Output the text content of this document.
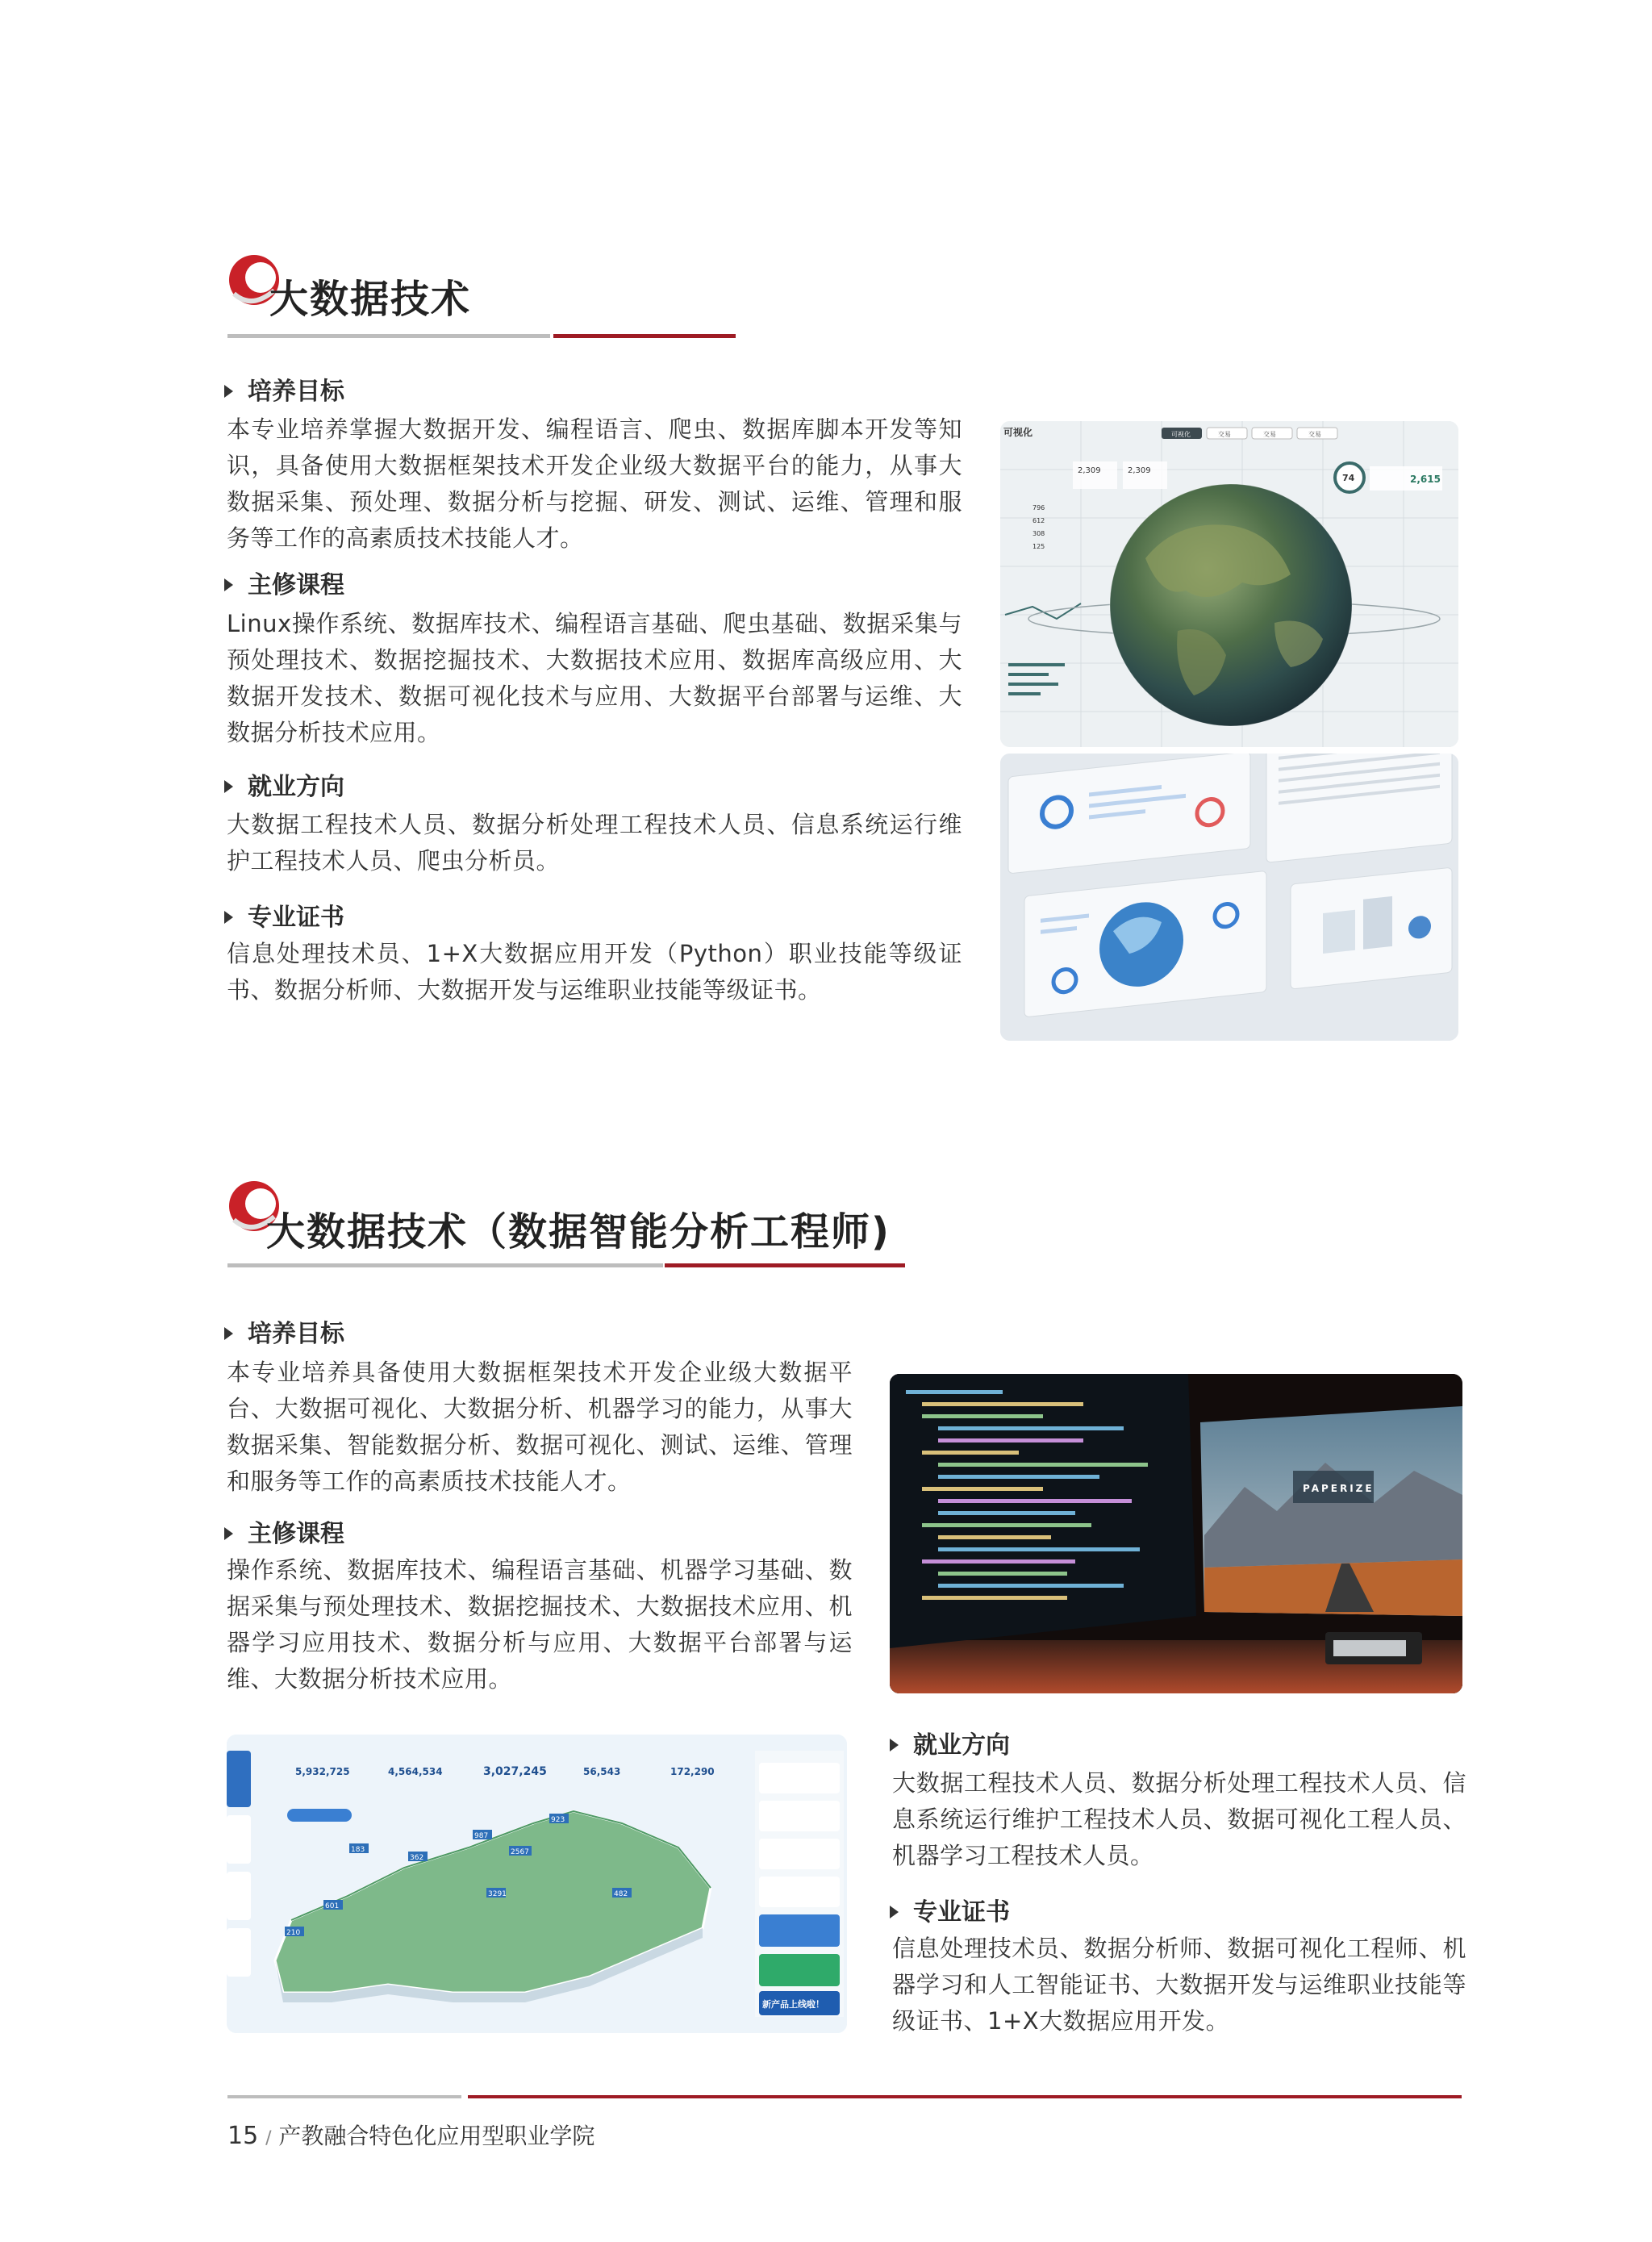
大数据技术
培养目标
本专业培养掌握大数据开发、编程语言、爬虫、数据库脚本开发等知识，具备使用大数据框架技术开发企业级大数据平台的能力，从事大数据采集、预处理、数据分析与挖掘、研发、测试、运维、管理和服务等工作的高素质技术技能人才。
主修课程
Linux操作系统、数据库技术、编程语言基础、爬虫基础、数据采集与预处理技术、数据挖掘技术、大数据技术应用、数据库高级应用、大数据开发技术、数据可视化技术与应用、大数据平台部署与运维、大数据分析技术应用。
就业方向
大数据工程技术人员、数据分析处理工程技术人员、信息系统运行维护工程技术人员、爬虫分析员。
专业证书
信息处理技术员、1+X大数据应用开发（Python）职业技能等级证书、数据分析师、大数据开发与运维职业技能等级证书。
可视化	可视化	交易	交易	交易
2,309	2,309
74	2,615
796
612
308
125
大数据技术（数据智能分析工程师)
培养目标
本专业培养具备使用大数据框架技术开发企业级大数据平台、大数据可视化、大数据分析、机器学习的能力，从事大数据采集、智能数据分析、数据可视化、测试、运维、管理和服务等工作的高素质技术技能人才。
主修课程
操作系统、数据库技术、编程语言基础、机器学习基础、数据采集与预处理技术、数据挖掘技术、大数据技术应用、机器学习应用技术、数据分析与应用、大数据平台部署与运维、大数据分析技术应用。
PAPERIZE
5,932,725	4,564,534	3,027,245	56,543	172,290
183
987
2567
923
362
601
210
482
3291
新产品上线啦！
就业方向
大数据工程技术人员、数据分析处理工程技术人员、信息系统运行维护工程技术人员、数据可视化工程人员、机器学习工程技术人员。
专业证书
信息处理技术员、数据分析师、数据可视化工程师、机器学习和人工智能证书、大数据开发与运维职业技能等级证书、1+X大数据应用开发。
15 / 产教融合特色化应用型职业学院
